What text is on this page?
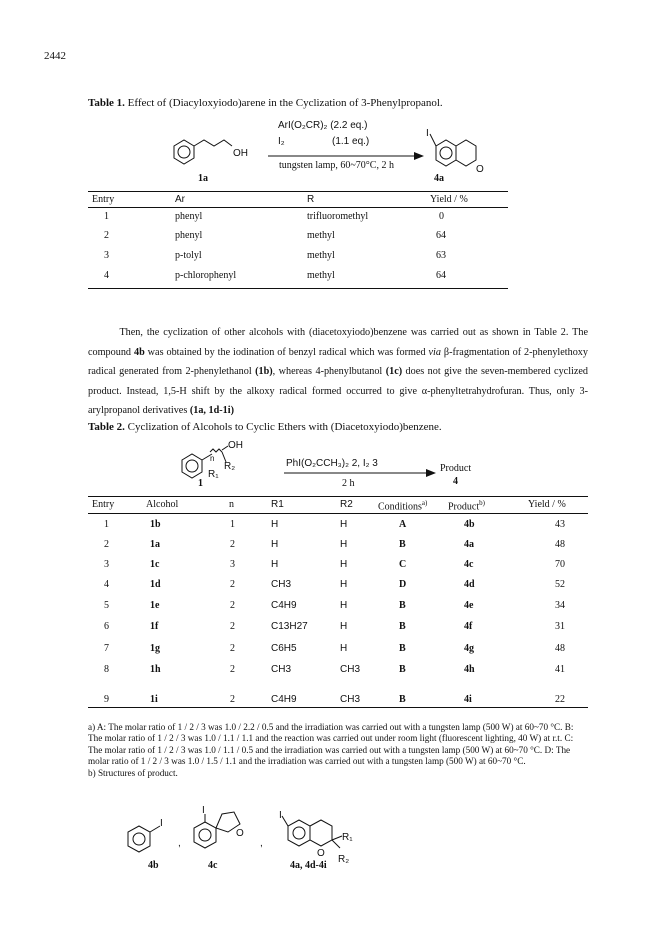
2442
Table 1. Effect of (Diacyloxyiodo)arene in the Cyclization of 3-Phenylpropanol.
ArI(O₂CR)₂ (2.2 eq.)
I₂	(1.1 eq.)
tungsten lamp, 60~70°C, 2 h
1a	4a
Entry	Ar	R	Yield / %
1	phenyl	trifluoromethyl	0
2	phenyl	methyl	64
3	p-tolyl	methyl	63
4	p-chlorophenyl	methyl	64
Then, the cyclization of other alcohols with (diacetoxyiodo)benzene was carried out as shown in Table 2. The compound 4b was obtained by the iodination of benzyl radical which was formed via β-fragmentation of 2-phenylethoxy radical generated from 2-phenylethanol (1b), whereas 4-phenylbutanol (1c) does not give the seven-membered cyclized product. Instead, 1,5-H shift by the alkoxy radical formed occurred to give α-phenyltetrahydrofuran. Thus, only 3-arylpropanol derivatives (1a, 1d-1i)
Table 2. Cyclization of Alcohols to Cyclic Ethers with (Diacetoxyiodo)benzene.
PhI(O₂CCH₃)₂ 2, I₂ 3
2 h
Product
4
1
Entry	Alcohol	n	R1	R2	Conditions$^{a)}$ Product$^{b)}$	Yield / %
1	1b	1	H	H	A	4b	43
2	1a	2	H	H	B	4a	48
3	1c	3	H	H	C	4c	70
4	1d	2	CH3	H	D	4d	52
5	1e	2	C4H9	H	B	4e	34
6	1f	2	C13H27	H	B	4f	31
7	1g	2	C6H5	H	B	4g	48
8	1h	2	CH3	CH3	B	4h	41
9	1i	2	C4H9	CH3	B	4i	22
a) A: The molar ratio of 1 / 2 / 3 was 1.0 / 2.2 / 0.5 and the irradiation was carried out with a tungsten lamp (500 W) at 60~70 °C. B: The molar ratio of 1 / 2 / 3 was 1.0 / 1.1 / 1.1 and the reaction was carried out under room light (fluorescent lighting, 40 W) at r.t. C: The molar ratio of 1 / 2 / 3 was 1.0 / 1.1 / 0.5 and the irradiation was carried out with a tungsten lamp (500 W) at 60~70 °C. D: The molar ratio of 1 / 2 / 3 was 1.0 / 1.5 / 1.1 and the irradiation was carried out with a tungsten lamp (500 W) at 60~70 °C.
b) Structures of product.
4b	4c	4a, 4d-4i
OH
I
O
OH
n
R₂
R₁
I
,
I
O
,
I
O
R₁
R₂
